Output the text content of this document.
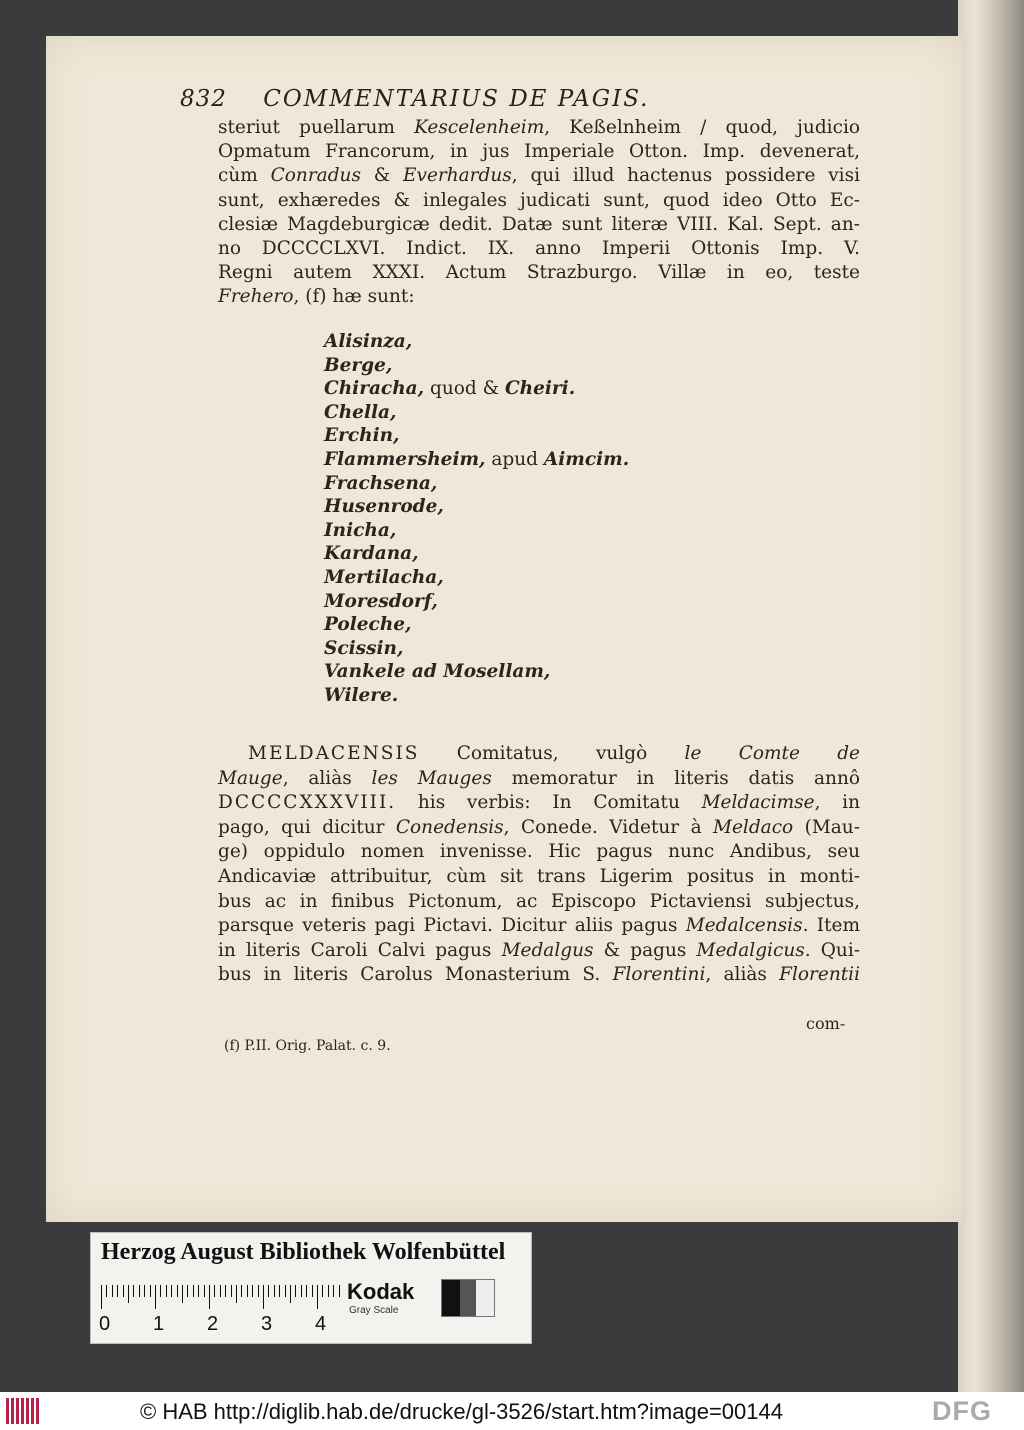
832 COMMENTARIUS DE PAGIS.
steriut puellarum Kescelenheim, Keßelnheim / quod, judicio
Opmatum Francorum, in jus Imperiale Otton. Imp. devenerat,
cùm Conradus & Everhardus, qui illud hactenus possidere visi
sunt, exhæredes & inlegales judicati sunt, quod ideo Otto Ec-
clesiæ Magdeburgicæ dedit. Datæ sunt literæ VIII. Kal. Sept. an-
no DCCCCLXVI. Indict. IX. anno Imperii Ottonis Imp. V.
Regni autem XXXI. Actum Strazburgo. Villæ in eo, teste
Frehero, (f) hæ sunt:
Alisinza,
Berge,
Chiracha, quod & Cheiri.
Chella,
Erchin,
Flammersheim, apud Aimcim.
Frachsena,
Husenrode,
Inicha,
Kardana,
Mertilacha,
Moresdorf,
Poleche,
Scissin,
Vankele ad Mosellam,
Wilere.
MELDACENSIS Comitatus, vulgò le Comte de
Mauge, aliàs les Mauges memoratur in literis datis annô
DCCCCXXXVIII. his verbis: In Comitatu Meldacimse, in
pago, qui dicitur Conedensis, Conede. Videtur à Meldaco (Mau-
ge) oppidulo nomen invenisse. Hic pagus nunc Andibus, seu
Andicaviæ attribuitur, cùm sit trans Ligerim positus in monti-
bus ac in finibus Pictonum, ac Episcopo Pictaviensi subjectus,
parsque veteris pagi Pictavi. Dicitur aliis pagus Medalcensis. Item
in literis Caroli Calvi pagus Medalgus & pagus Medalgicus. Qui-
bus in literis Carolus Monasterium S. Florentini, aliàs Florentii
com-
(f) P.II. Orig. Palat. c. 9.
Herzog August Bibliothek Wolfenbüttel
0 1 2 3 4
Kodak
Gray Scale
© HAB http://diglib.hab.de/drucke/gl-3526/start.htm?image=00144	DFG
